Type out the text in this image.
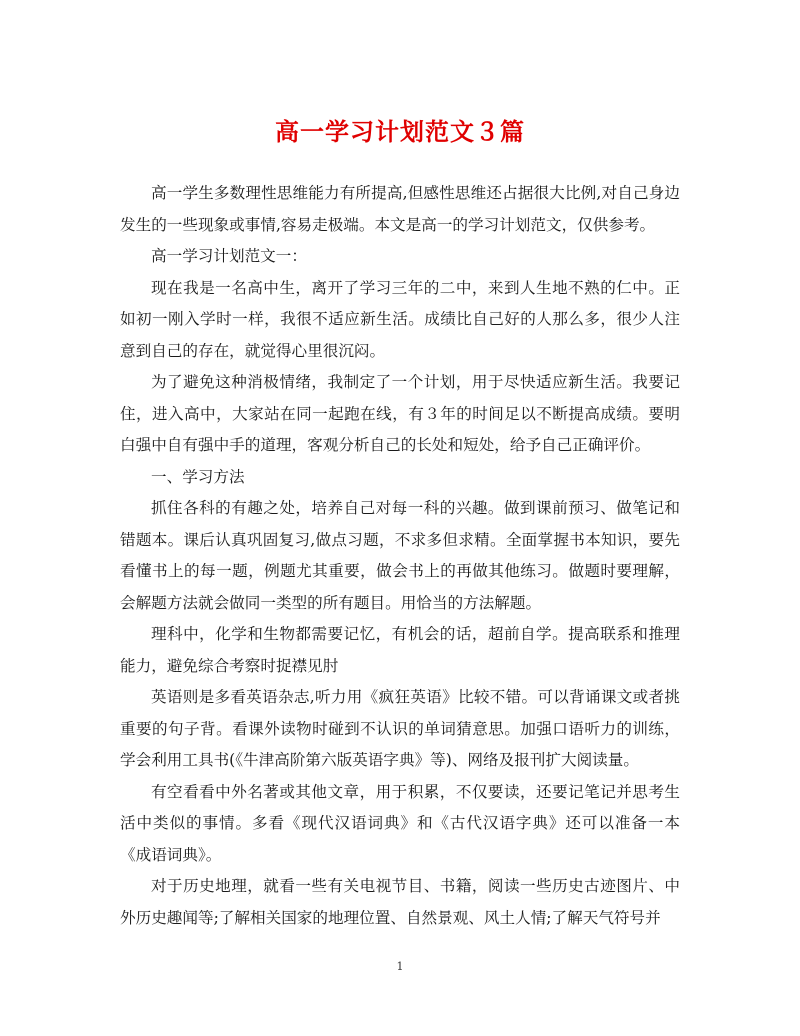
高一学习计划范文３篇

高一学生多数理性思维能力有所提高,但感性思维还占据很大比例,对自己身边发生的一些现象或事情,容易走极端。本文是高一的学习计划范文，仅供参考。

高一学习计划范文一：

现在我是一名高中生，离开了学习三年的二中，来到人生地不熟的仁中。正如初一刚入学时一样，我很不适应新生活。成绩比自己好的人那么多，很少人注意到自己的存在，就觉得心里很沉闷。

为了避免这种消极情绪，我制定了一个计划，用于尽快适应新生活。我要记住，进入高中，大家站在同一起跑在线，有３年的时间足以不断提高成绩。要明白强中自有强中手的道理，客观分析自己的长处和短处，给予自己正确评价。

一、学习方法

抓住各科的有趣之处，培养自己对每一科的兴趣。做到课前预习、做笔记和错题本。课后认真巩固复习,做点习题，不求多但求精。全面掌握书本知识，要先看懂书上的每一题，例题尤其重要，做会书上的再做其他练习。做题时要理解，会解题方法就会做同一类型的所有题目。用恰当的方法解题。

理科中，化学和生物都需要记忆，有机会的话，超前自学。提高联系和推理能力，避免综合考察时捉襟见肘

英语则是多看英语杂志,听力用《疯狂英语》比较不错。可以背诵课文或者挑重要的句子背。看课外读物时碰到不认识的单词猜意思。加强口语听力的训练，学会利用工具书(《牛津高阶第六版英语字典》等)、网络及报刊扩大阅读量。

有空看看中外名著或其他文章，用于积累，不仅要读，还要记笔记并思考生活中类似的事情。多看《现代汉语词典》和《古代汉语字典》还可以准备一本《成语词典》。

对于历史地理，就看一些有关电视节目、书籍，阅读一些历史古迹图片、中外历史趣闻等;了解相关国家的地理位置、自然景观、风土人情;了解天气符号并

1
